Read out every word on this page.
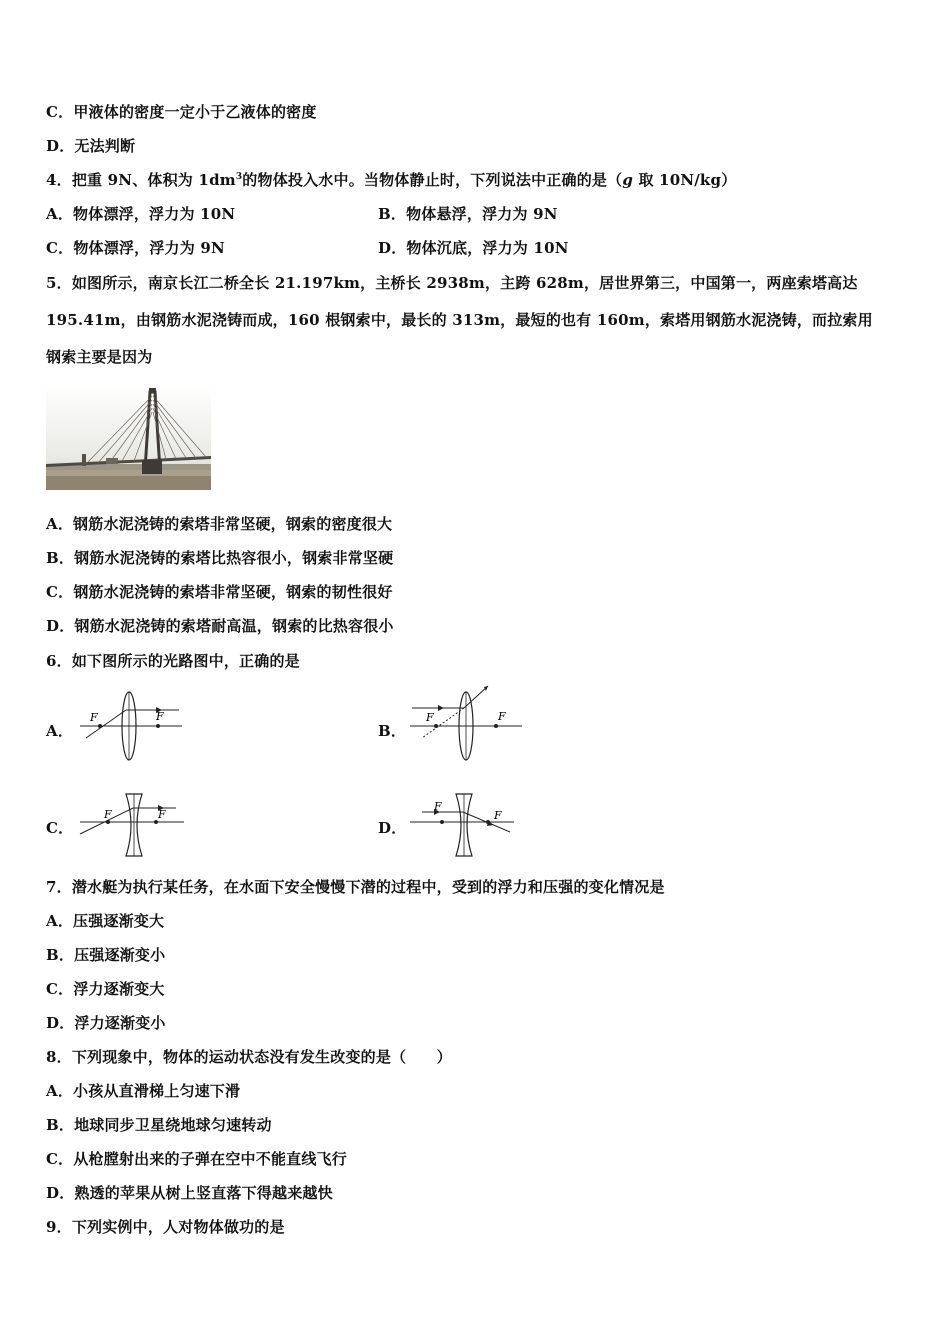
C．甲液体的密度一定小于乙液体的密度
D．无法判断
4．把重 9N、体积为 $1dm^3$的物体投入水中。当物体静止时，下列说法中正确的是（g 取 10N/kg）
A．物体漂浮，浮力为 10N	B．物体悬浮，浮力为 9N
C．物体漂浮，浮力为 9N	D．物体沉底，浮力为 10N
5．如图所示，南京长江二桥全长 21.197km，主桥长 2938m，主跨 628m，居世界第三，中国第一，两座索塔高达
195.41m，由钢筋水泥浇铸而成，160 根钢索中，最长的 313m，最短的也有 160m，索塔用钢筋水泥浇铸，而拉索用
钢索主要是因为
A．钢筋水泥浇铸的索塔非常坚硬，钢索的密度很大
B．钢筋水泥浇铸的索塔比热容很小，钢索非常坚硬
C．钢筋水泥浇铸的索塔非常坚硬，钢索的韧性很好
D．钢筋水泥浇铸的索塔耐高温，钢索的比热容很小
6．如下图所示的光路图中，正确的是
A．
F	F
B．
F	F
C．
F	F
D．
F
F
7．潜水艇为执行某任务，在水面下安全慢慢下潜的过程中，受到的浮力和压强的变化情况是
A．压强逐渐变大
B．压强逐渐变小
C．浮力逐渐变大
D．浮力逐渐变小
8．下列现象中，物体的运动状态没有发生改变的是（　　）
A．小孩从直滑梯上匀速下滑
B．地球同步卫星绕地球匀速转动
C．从枪膛射出来的子弹在空中不能直线飞行
D．熟透的苹果从树上竖直落下得越来越快
9．下列实例中，人对物体做功的是
